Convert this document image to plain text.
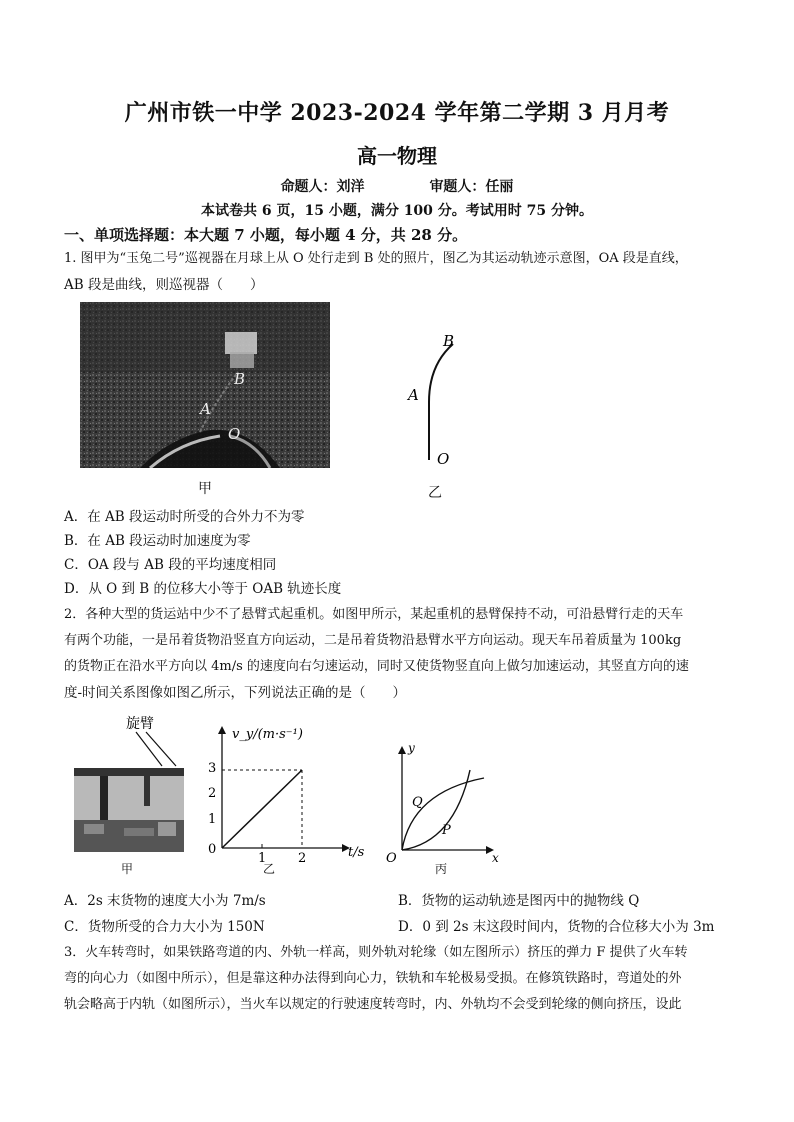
广州市铁一中学 2023-2024 学年第二学期 3 月月考
高一物理
命题人：刘洋	审题人：任丽
本试卷共 6 页，15 小题，满分 100 分。考试用时 75 分钟。
一、单项选择题：本大题 7 小题，每小题 4 分，共 28 分。
1. 图甲为“玉兔二号”巡视器在月球上从 O 处行走到 B 处的照片，图乙为其运动轨迹示意图，OA 段是直线，
AB 段是曲线，则巡视器（　　）
B
A
O
甲
B
A
O
乙
A．在 AB 段运动时所受的合外力不为零
B．在 AB 段运动时加速度为零
C．OA 段与 AB 段的平均速度相同
D．从 O 到 B 的位移大小等于 OAB 轨迹长度
2．各种大型的货运站中少不了悬臂式起重机。如图甲所示，某起重机的悬臂保持不动，可沿悬臂行走的天车
有两个功能，一是吊着货物沿竖直方向运动，二是吊着货物沿悬臂水平方向运动。现天车吊着质量为 100kg
的货物正在沿水平方向以 4m/s 的速度向右匀速运动，同时又使货物竖直向上做匀加速运动，其竖直方向的速
度-时间关系图像如图乙所示，下列说法正确的是（　　）
旋臂
甲
v_y/(m·s⁻¹)
3
2
1
0
1 2	t/s
乙
y
x
O
Q
P
丙
A．2s 末货物的速度大小为 7m/s	B．货物的运动轨迹是图丙中的抛物线 Q
C．货物所受的合力大小为 150N	D．0 到 2s 末这段时间内，货物的合位移大小为 3m
3．火车转弯时，如果铁路弯道的内、外轨一样高，则外轨对轮缘（如左图所示）挤压的弹力 F 提供了火车转
弯的向心力（如图中所示），但是靠这种办法得到向心力，铁轨和车轮极易受损。在修筑铁路时，弯道处的外
轨会略高于内轨（如图所示），当火车以规定的行驶速度转弯时，内、外轨均不会受到轮缘的侧向挤压，设此
